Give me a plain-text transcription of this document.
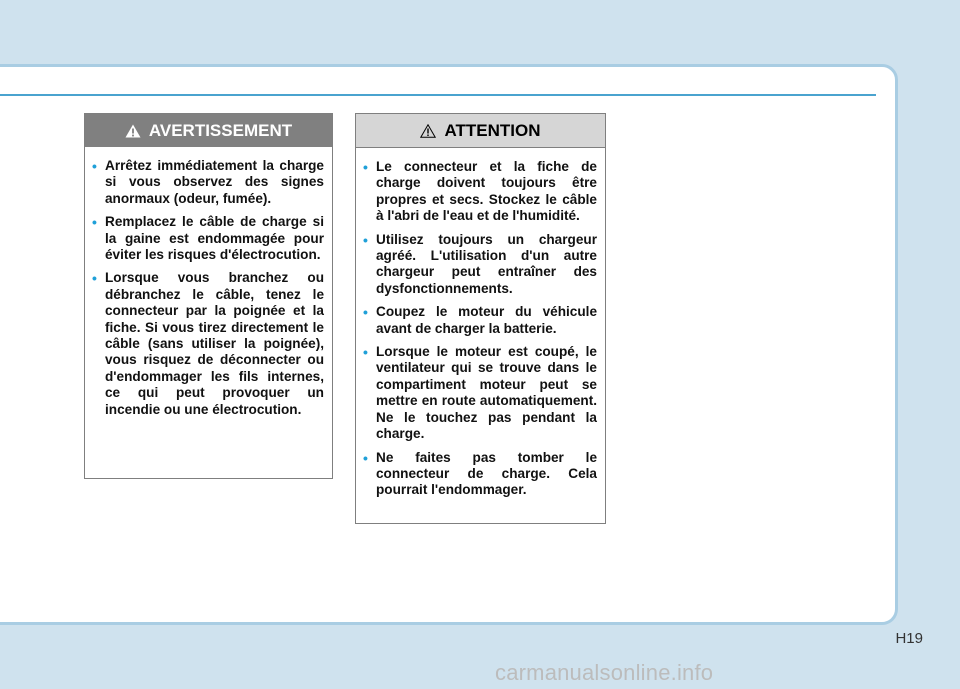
AVERTISSEMENT
• Arrêtez immédiatement la charge si vous observez des signes anormaux (odeur, fumée).
• Remplacez le câble de charge si la gaine est endommagée pour éviter les risques d'électrocution.
• Lorsque vous branchez ou débranchez le câble, tenez le connecteur par la poignée et la fiche. Si vous tirez directement le câble (sans utiliser la poignée), vous risquez de déconnecter ou d'endommager les fils internes, ce qui peut provoquer un incendie ou une électrocution.
ATTENTION
• Le connecteur et la fiche de charge doivent toujours être propres et secs. Stockez le câble à l'abri de l'eau et de l'humidité.
• Utilisez toujours un chargeur agréé. L'utilisation d'un autre chargeur peut entraîner des dysfonctionnements.
• Coupez le moteur du véhicule avant de charger la batterie.
• Lorsque le moteur est coupé, le ventilateur qui se trouve dans le compartiment moteur peut se mettre en route automatiquement. Ne le touchez pas pendant la charge.
• Ne faites pas tomber le connecteur de charge. Cela pourrait l'endommager.
H19
carmanualsonline.info
